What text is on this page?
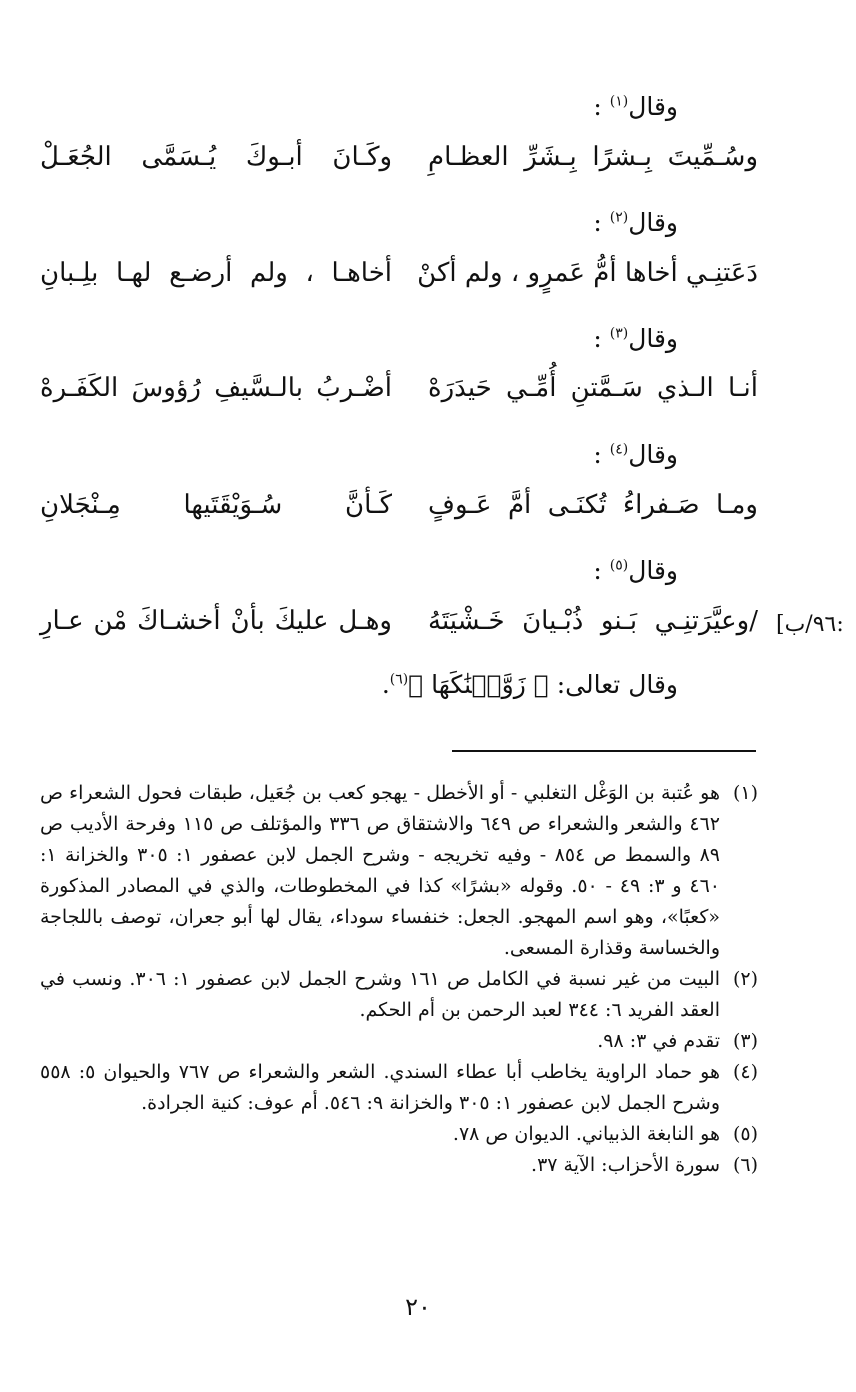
وقال$^{(١)}$ :
وسُـمِّيتَ بِـشرًا بِـشَرِّ العظـامِ
وكَـانَ أبـوكَ يُـسَمَّى الجُعَـلْ
وقال$^{(٢)}$ :
دَعَتنِـي أخاها أمُّ عَمرٍو ، ولم أكنْ
أخاهـا ، ولم أرضـع لهـا بلِـبانِ
وقال$^{(٣)}$ :
أنـا الـذي سَـمَّتنِ أُمِّـي حَيدَرَهْ
أضْـربُ بالـسَّيفِ رُؤوسَ الكَفَـرهْ
وقال$^{(٤)}$ :
ومـا صَـفراءُ تُكنَـى أمَّ عَـوفٍ
كَـأنَّ سُـوَيْقَتَيها مِـنْجَلانِ
وقال$^{(٥)}$ :
/وعيَّرَتنِـي بَـنو ذُبْـيانَ خَـشْيَتَهُ
وهـل عليكَ بأنْ أخشـاكَ مْن عـارِ	:٩٦/ب]
وقال تعالى: ﴿ زَوَّجۡنَٰكَهَا ﴾$^{(٦)}$.
(١)
هو عُتبة بن الوَغْل التغلبي - أو الأخطل - يهجو كعب بن جُعَيل، طبقات فحول الشعراء ص ٤٦٢ والشعر والشعراء ص ٦٤٩ والاشتقاق ص ٣٣٦ والمؤتلف ص ١١٥ وفرحة الأديب ص ٨٩ والسمط ص ٨٥٤ - وفيه تخريجه - وشرح الجمل لابن عصفور ١: ٣٠٥ والخزانة ١: ٤٦٠ و ٣: ٤٩ - ٥٠. وقوله «بشرًا» كذا في المخطوطات، والذي في المصادر المذكورة «كعبًا»، وهو اسم المهجو. الجعل: خنفساء سوداء، يقال لها أبو جعران، توصف باللجاجة والخساسة وقذارة المسعى.
(٢)
البيت من غير نسبة في الكامل ص ١٦١ وشرح الجمل لابن عصفور ١: ٣٠٦. ونسب في العقد الفريد ٦: ٣٤٤ لعبد الرحمن بن أم الحكم.
(٣)
تقدم في ٣: ٩٨.
(٤)
هو حماد الراوية يخاطب أبا عطاء السندي. الشعر والشعراء ص ٧٦٧ والحيوان ٥: ٥٥٨ وشرح الجمل لابن عصفور ١: ٣٠٥ والخزانة ٩: ٥٤٦. أم عوف: كنية الجرادة.
(٥)
هو النابغة الذبياني. الديوان ص ٧٨.
(٦)
سورة الأحزاب: الآية ٣٧.
٢٠
